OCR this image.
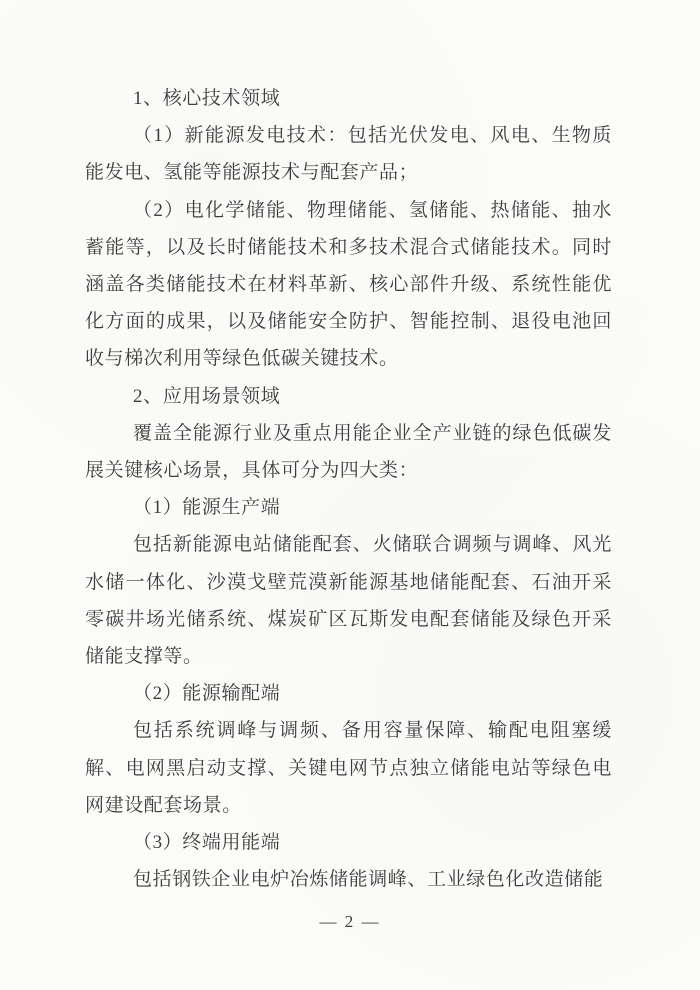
1、核心技术领域

（1）新能源发电技术：包括光伏发电、风电、生物质能发电、氢能等能源技术与配套产品；

（2）电化学储能、物理储能、氢储能、热储能、抽水蓄能等，以及长时储能技术和多技术混合式储能技术。同时涵盖各类储能技术在材料革新、核心部件升级、系统性能优化方面的成果，以及储能安全防护、智能控制、退役电池回收与梯次利用等绿色低碳关键技术。

2、应用场景领域

覆盖全能源行业及重点用能企业全产业链的绿色低碳发展关键核心场景，具体可分为四大类：

（1）能源生产端

包括新能源电站储能配套、火储联合调频与调峰、风光水储一体化、沙漠戈壁荒漠新能源基地储能配套、石油开采零碳井场光储系统、煤炭矿区瓦斯发电配套储能及绿色开采储能支撑等。

（2）能源输配端

包括系统调峰与调频、备用容量保障、输配电阻塞缓解、电网黑启动支撑、关键电网节点独立储能电站等绿色电网建设配套场景。

（3）终端用能端

包括钢铁企业电炉冶炼储能调峰、工业绿色化改造储能

— 2 —
